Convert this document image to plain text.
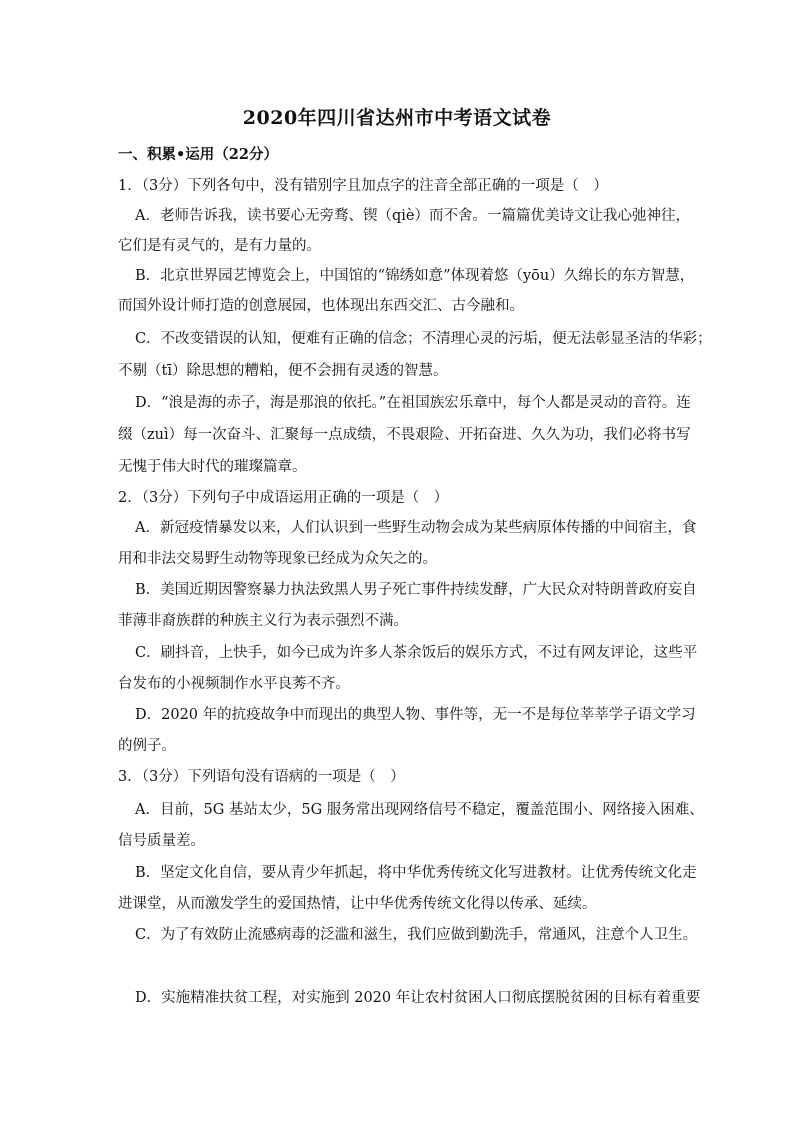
2020年四川省达州市中考语文试卷
一、积累•运用（22分）
1．（3分）下列各句中，没有错别字且加点字的注音全部正确的一项是（　）
A．老师告诉我，读书要心无旁骛、锲（qiè）而不舍。一篇篇优美诗文让我心弛神往，
它们是有灵气的，是有力量的。
B．北京世界园艺博览会上，中国馆的“锦绣如意”体现着悠（yōu）久绵长的东方智慧，
而国外设计师打造的创意展园，也体现出东西交汇、古今融和。
C．不改变错误的认知，便难有正确的信念；不清理心灵的污垢，便无法彰显圣洁的华彩；
不剔（tī）除思想的糟粕，便不会拥有灵透的智慧。
D．“浪是海的赤子，海是那浪的依托。”在祖国族宏乐章中，每个人都是灵动的音符。连
缀（zuì）每一次奋斗、汇聚每一点成绩，不畏艰险、开拓奋进、久久为功，我们必将书写
无愧于伟大时代的璀璨篇章。
2．（3分）下列句子中成语运用正确的一项是（　）
A．新冠疫情暴发以来，人们认识到一些野生动物会成为某些病原体传播的中间宿主，食
用和非法交易野生动物等现象已经成为众矢之的。
B．美国近期因警察暴力执法致黑人男子死亡事件持续发酵，广大民众对特朗普政府妄自
菲薄非裔族群的种族主义行为表示强烈不满。
C．刷抖音，上快手，如今已成为许多人茶余饭后的娱乐方式，不过有网友评论，这些平
台发布的小视频制作水平良莠不齐。
D．2020 年的抗疫故争中而现出的典型人物、事件等，无一不是每位莘莘学子语文学习
的例子。
3．（3分）下列语句没有语病的一项是（　）
A．目前，5G 基站太少，5G 服务常出现网络信号不稳定，覆盖范围小、网络接入困难、
信号质量差。
B．坚定文化自信，要从青少年抓起，将中华优秀传统文化写进教材。让优秀传统文化走
进课堂，从而激发学生的爱国热情，让中华优秀传统文化得以传承、延续。
C．为了有效防止流感病毒的泛滥和滋生，我们应做到勤洗手，常通风，注意个人卫生。
D．实施精准扶贫工程，对实施到 2020 年让农村贫困人口彻底摆脱贫困的目标有着重要
